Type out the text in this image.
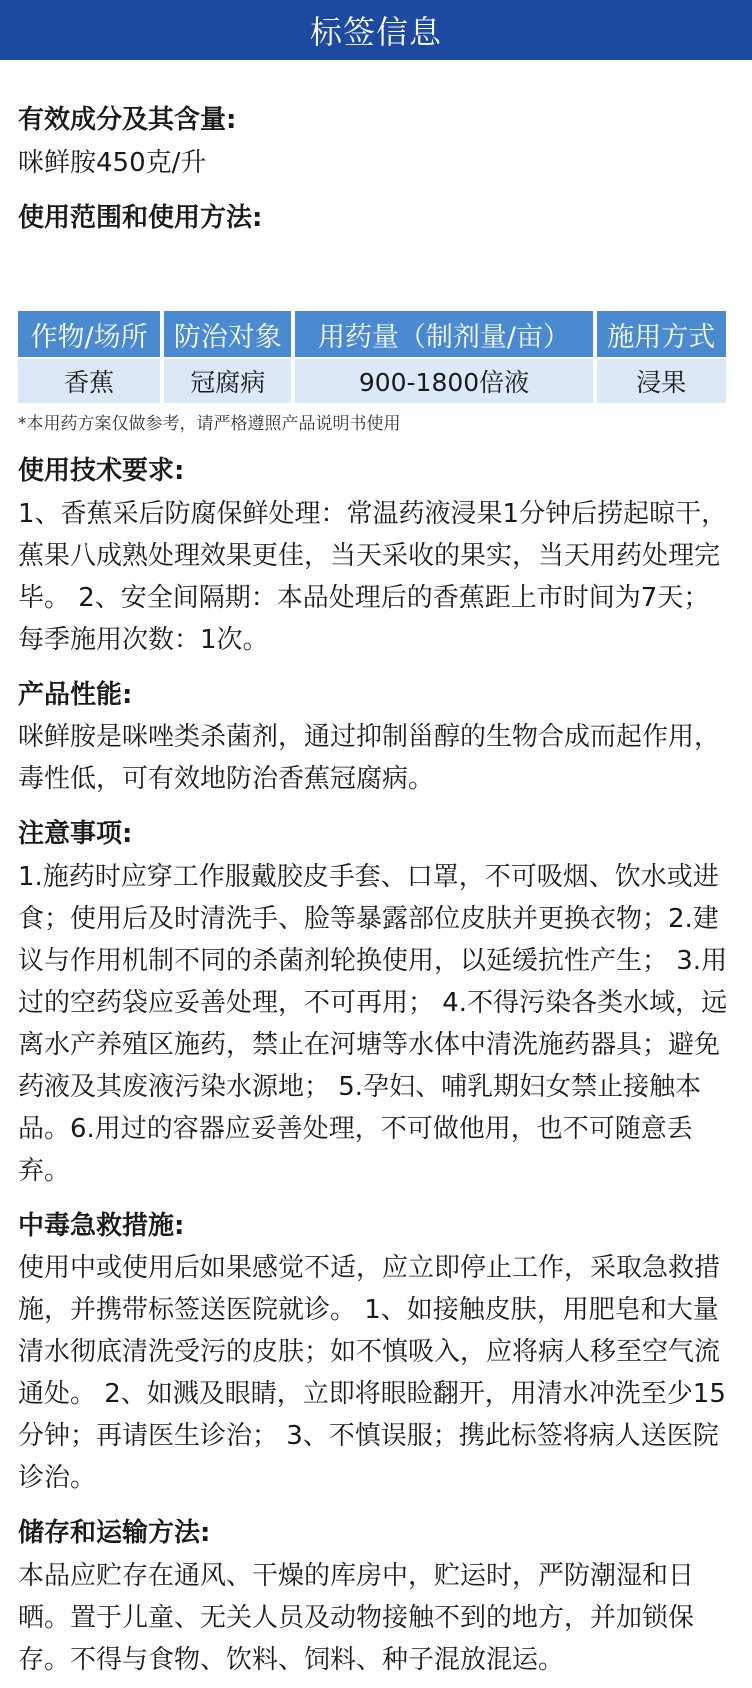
标签信息

有效成分及其含量:

咪鲜胺450克/升

使用范围和使用方法:

作物/场所	防治对象	用药量（制剂量/亩）	施用方式
香蕉	冠腐病	900-1800倍液	浸果

*本用药方案仅做参考，请严格遵照产品说明书使用

使用技术要求:

1、香蕉采后防腐保鲜处理：常温药液浸果1分钟后捞起晾干，蕉果八成熟处理效果更佳，当天采收的果实，当天用药处理完毕。 2、安全间隔期：本品处理后的香蕉距上市时间为7天；每季施用次数：1次。

产品性能:

咪鲜胺是咪唑类杀菌剂，通过抑制甾醇的生物合成而起作用，毒性低，可有效地防治香蕉冠腐病。

注意事项:

1.施药时应穿工作服戴胶皮手套、口罩，不可吸烟、饮水或进食；使用后及时清洗手、脸等暴露部位皮肤并更换衣物；2.建议与作用机制不同的杀菌剂轮换使用，以延缓抗性产生； 3.用过的空药袋应妥善处理，不可再用； 4.不得污染各类水域，远离水产养殖区施药，禁止在河塘等水体中清洗施药器具；避免药液及其废液污染水源地； 5.孕妇、哺乳期妇女禁止接触本品。6.用过的容器应妥善处理，不可做他用，也不可随意丢弃。

中毒急救措施:

使用中或使用后如果感觉不适，应立即停止工作，采取急救措施，并携带标签送医院就诊。 1、如接触皮肤，用肥皂和大量清水彻底清洗受污的皮肤；如不慎吸入，应将病人移至空气流通处。 2、如溅及眼睛，立即将眼睑翻开，用清水冲洗至少15分钟；再请医生诊治； 3、不慎误服；携此标签将病人送医院诊治。

储存和运输方法:

本品应贮存在通风、干燥的库房中，贮运时，严防潮湿和日晒。置于儿童、无关人员及动物接触不到的地方，并加锁保存。不得与食物、饮料、饲料、种子混放混运。
